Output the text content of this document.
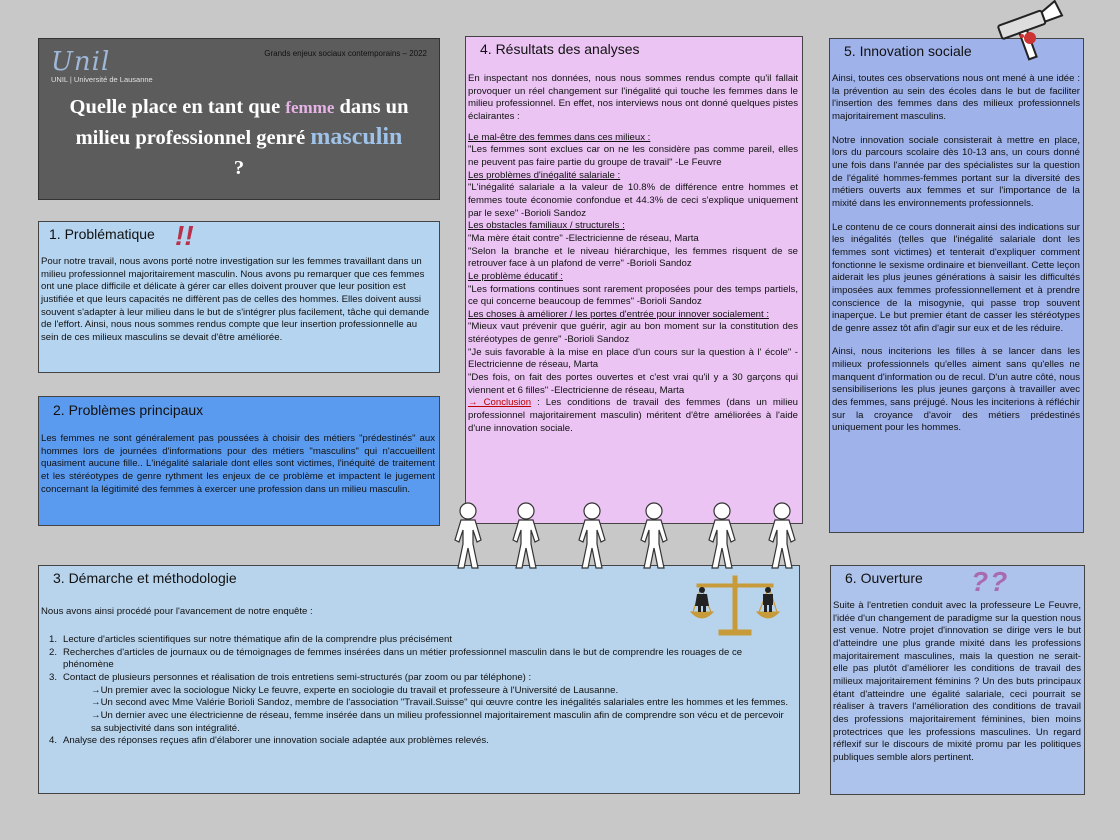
Unil
UNIL | Université de Lausanne
Grands enjeux sociaux contemporains – 2022
Quelle place en tant que femme dans un milieu professionnel genré masculin
?
1. Problématique !!

Pour notre travail, nous avons porté notre investigation sur les femmes travaillant dans un milieu professionnel majoritairement masculin. Nous avons pu remarquer que ces femmes ont une place difficile et délicate à gérer car elles doivent prouver que leur position est justifiée et que leurs capacités ne diffèrent pas de celles des hommes. Elles doivent aussi souvent s'adapter à leur milieu dans le but de s'intégrer plus facilement, tâche qui demande de l'effort. Ainsi, nous nous sommes rendus compte que leur insertion professionnelle au sein de ces milieux masculins se devait d'être améliorée.

2. Problèmes principaux

Les femmes ne sont généralement pas poussées à choisir des métiers "prédestinés" aux hommes lors de journées d'informations pour des métiers "masculins" qui n'accueillent quasiment aucune fille.. L'inégalité salariale dont elles sont victimes, l'inéquité de traitement et les stéréotypes de genre rythment les enjeux de ce problème et impactent le jugement concernant la légitimité des femmes à exercer une profession dans un milieu masculin.

3. Démarche et méthodologie

Nous avons ainsi procédé pour l'avancement de notre enquête :

1. Lecture d'articles scientifiques sur notre thématique afin de la comprendre plus précisément
2. Recherches d'articles de journaux ou de témoignages de femmes insérées dans un métier professionnel masculin dans le but de comprendre les rouages de ce phénomène
3. Contact de plusieurs personnes et réalisation de trois entretiens semi-structurés (par zoom ou par téléphone) :
→Un premier avec la sociologue Nicky Le feuvre, experte en sociologie du travail et professeure à l'Université de Lausanne.
→Un second avec Mme Valérie Borioli Sandoz, membre de l'association "Travail.Suisse" qui œuvre contre les inégalités salariales entre les hommes et les femmes.
→Un dernier avec une électricienne de réseau, femme insérée dans un milieu professionnel majoritairement masculin afin de comprendre son vécu et de percevoir sa subjectivité dans son intégralité.
4. Analyse des réponses reçues afin d'élaborer une innovation sociale adaptée aux problèmes relevés.
4. Résultats des analyses

En inspectant nos données, nous nous sommes rendus compte qu'il fallait provoquer un réel changement sur l'inégalité qui touche les femmes dans le milieu professionnel. En effet, nos interviews nous ont donné quelques pistes éclairantes :

Le mal-être des femmes dans ces milieux :

"Les femmes sont exclues car on ne les considère pas comme pareil, elles ne peuvent pas faire partie du groupe de travail" -Le Feuvre

Les problèmes d'inégalité salariale :

"L'inégalité salariale a la valeur de 10.8% de différence entre hommes et femmes toute économie confondue et 44.3% de ceci s'explique uniquement par le sexe" -Borioli Sandoz

Les obstacles familiaux / structurels :

"Ma mère était contre" -Electricienne de réseau, Marta

"Selon la branche et le niveau hiérarchique, les femmes risquent de se retrouver face à un plafond de verre" -Borioli Sandoz

Le problème éducatif :

"Les formations continues sont rarement proposées pour des temps partiels, ce qui concerne beaucoup de femmes" -Borioli Sandoz

Les choses à améliorer / les portes d'entrée pour innover socialement :

"Mieux vaut prévenir que guérir, agir au bon moment sur la constitution des stéréotypes de genre" -Borioli Sandoz

"Je suis favorable à la mise en place d'un cours sur la question à l' école" -Electricienne de réseau, Marta

"Des fois, on fait des portes ouvertes et c'est vrai qu'il y a 30 garçons qui viennent et 6 filles" -Electricienne de réseau, Marta

→ Conclusion : Les conditions de travail des femmes (dans un milieu professionnel majoritairement masculin) méritent d'être améliorées à l'aide d'une innovation sociale.

5. Innovation sociale

Ainsi, toutes ces observations nous ont mené à une idée : la prévention au sein des écoles dans le but de faciliter l'insertion des femmes dans des milieux professionnels majoritairement masculins.

Notre innovation sociale consisterait à mettre en place, lors du parcours scolaire dès 10-13 ans, un cours donné une fois dans l'année par des spécialistes sur la question de l'égalité hommes-femmes portant sur la diversité des métiers ouverts aux femmes et sur l'importance de la mixité dans les environnements professionnels.

Le contenu de ce cours donnerait ainsi des indications sur les inégalités (telles que l'inégalité salariale dont les femmes sont victimes) et tenterait d'expliquer comment fonctionne le sexisme ordinaire et bienveillant. Cette leçon aiderait les plus jeunes générations à saisir les difficultés imposées aux femmes professionnellement et à prendre conscience de la misogynie, qui passe trop souvent inaperçue. Le but premier étant de casser les stéréotypes de genre assez tôt afin d'agir sur eux et de les réduire.

Ainsi, nous inciterions les filles à se lancer dans les milieux professionnels qu'elles aiment sans qu'elles ne manquent d'information ou de recul. D'un autre côté, nous sensibiliserions les plus jeunes garçons à travailler avec des femmes, sans préjugé. Nous les inciterions à réfléchir sur la croyance d'avoir des métiers prédestinés uniquement pour les hommes.

6. Ouverture ??

Suite à l'entretien conduit avec la professeure Le Feuvre, l'idée d'un changement de paradigme sur la question nous est venue. Notre projet d'innovation se dirige vers le but d'atteindre une plus grande mixité dans les professions majoritairement masculines, mais la question ne serait-elle pas plutôt d'améliorer les conditions de travail des milieux majoritairement féminins ? Un des buts principaux étant d'atteindre une égalité salariale, ceci pourrait se réaliser à travers l'amélioration des conditions de travail des professions majoritairement féminines, bien moins protectrices que les professions masculines. Un regard réflexif sur le discours de mixité promu par les politiques publiques semble alors pertinent.
